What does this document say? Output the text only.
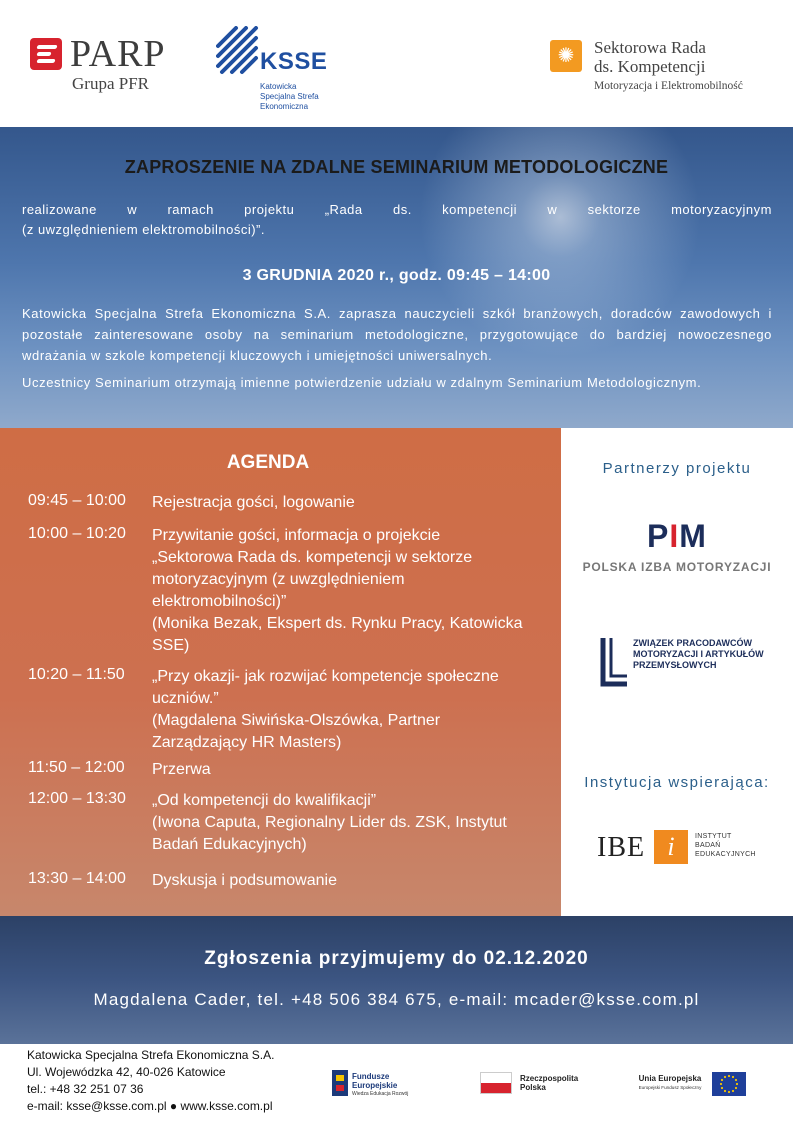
PARP
Grupa PFR
KSSE
Katowicka
Specjalna Strefa
Ekonomiczna
✺	Sektorowa Rada
ds. Kompetencji
Motoryzacja i Elektromobilność
ZAPROSZENIE NA ZDALNE SEMINARIUM METODOLOGICZNE
realizowane w ramach projektu „Rada ds. kompetencji w sektorze motoryzacyjnym
(z uwzględnieniem elektromobilności)”.
3 GRUDNIA 2020 r., godz. 09:45 – 14:00
Katowicka Specjalna Strefa Ekonomiczna S.A. zaprasza nauczycieli szkół branżowych, doradców zawodowych i pozostałe zainteresowane osoby na seminarium metodologiczne, przygotowujące do bardziej nowoczesnego wdrażania w szkole kompetencji kluczowych i umiejętności uniwersalnych.
Uczestnicy Seminarium otrzymają imienne potwierdzenie udziału w zdalnym Seminarium Metodologicznym.
AGENDA
09:45 – 10:00 Rejestracja gości, logowanie
10:00 – 10:20 Przywitanie gości, informacja o projekcie
„Sektorowa Rada ds. kompetencji w sektorze
motoryzacyjnym (z uwzględnieniem
elektromobilności)”
(Monika Bezak, Ekspert ds. Rynku Pracy, Katowicka
SSE)
10:20 – 11:50 „Przy okazji- jak rozwijać kompetencje społeczne
uczniów.”
(Magdalena Siwińska-Olszówka, Partner
Zarządzający HR Masters)
11:50 – 12:00 Przerwa
12:00 – 13:30 „Od kompetencji do kwalifikacji”
(Iwona Caputa, Regionalny Lider ds. ZSK, Instytut
Badań Edukacyjnych)
13:30 – 14:00 Dyskusja i podsumowanie
Partnerzy projektu
PIM
POLSKA IZBA MOTORYZACJI
ZWIĄZEK PRACODAWCÓW
MOTORYZACJI I ARTYKUŁÓW
PRZEMYSŁOWYCH
Instytucja wspierająca:
IBE i	INSTYTUT
BADAŃ
EDUKACYJNYCH
Zgłoszenia przyjmujemy do 02.12.2020
Magdalena Cader, tel. +48 506 384 675, e-mail: mcader@ksse.com.pl
Katowicka Specjalna Strefa Ekonomiczna S.A.
Ul. Wojewódzka 42, 40-026 Katowice
tel.: +48 32 251 07 36
e-mail: ksse@ksse.com.pl ● www.ksse.com.pl
Fundusze
Europejskie
Wiedza Edukacja Rozwój
Rzeczpospolita
Polska
Unia Europejska
Europejski Fundusz Społeczny
